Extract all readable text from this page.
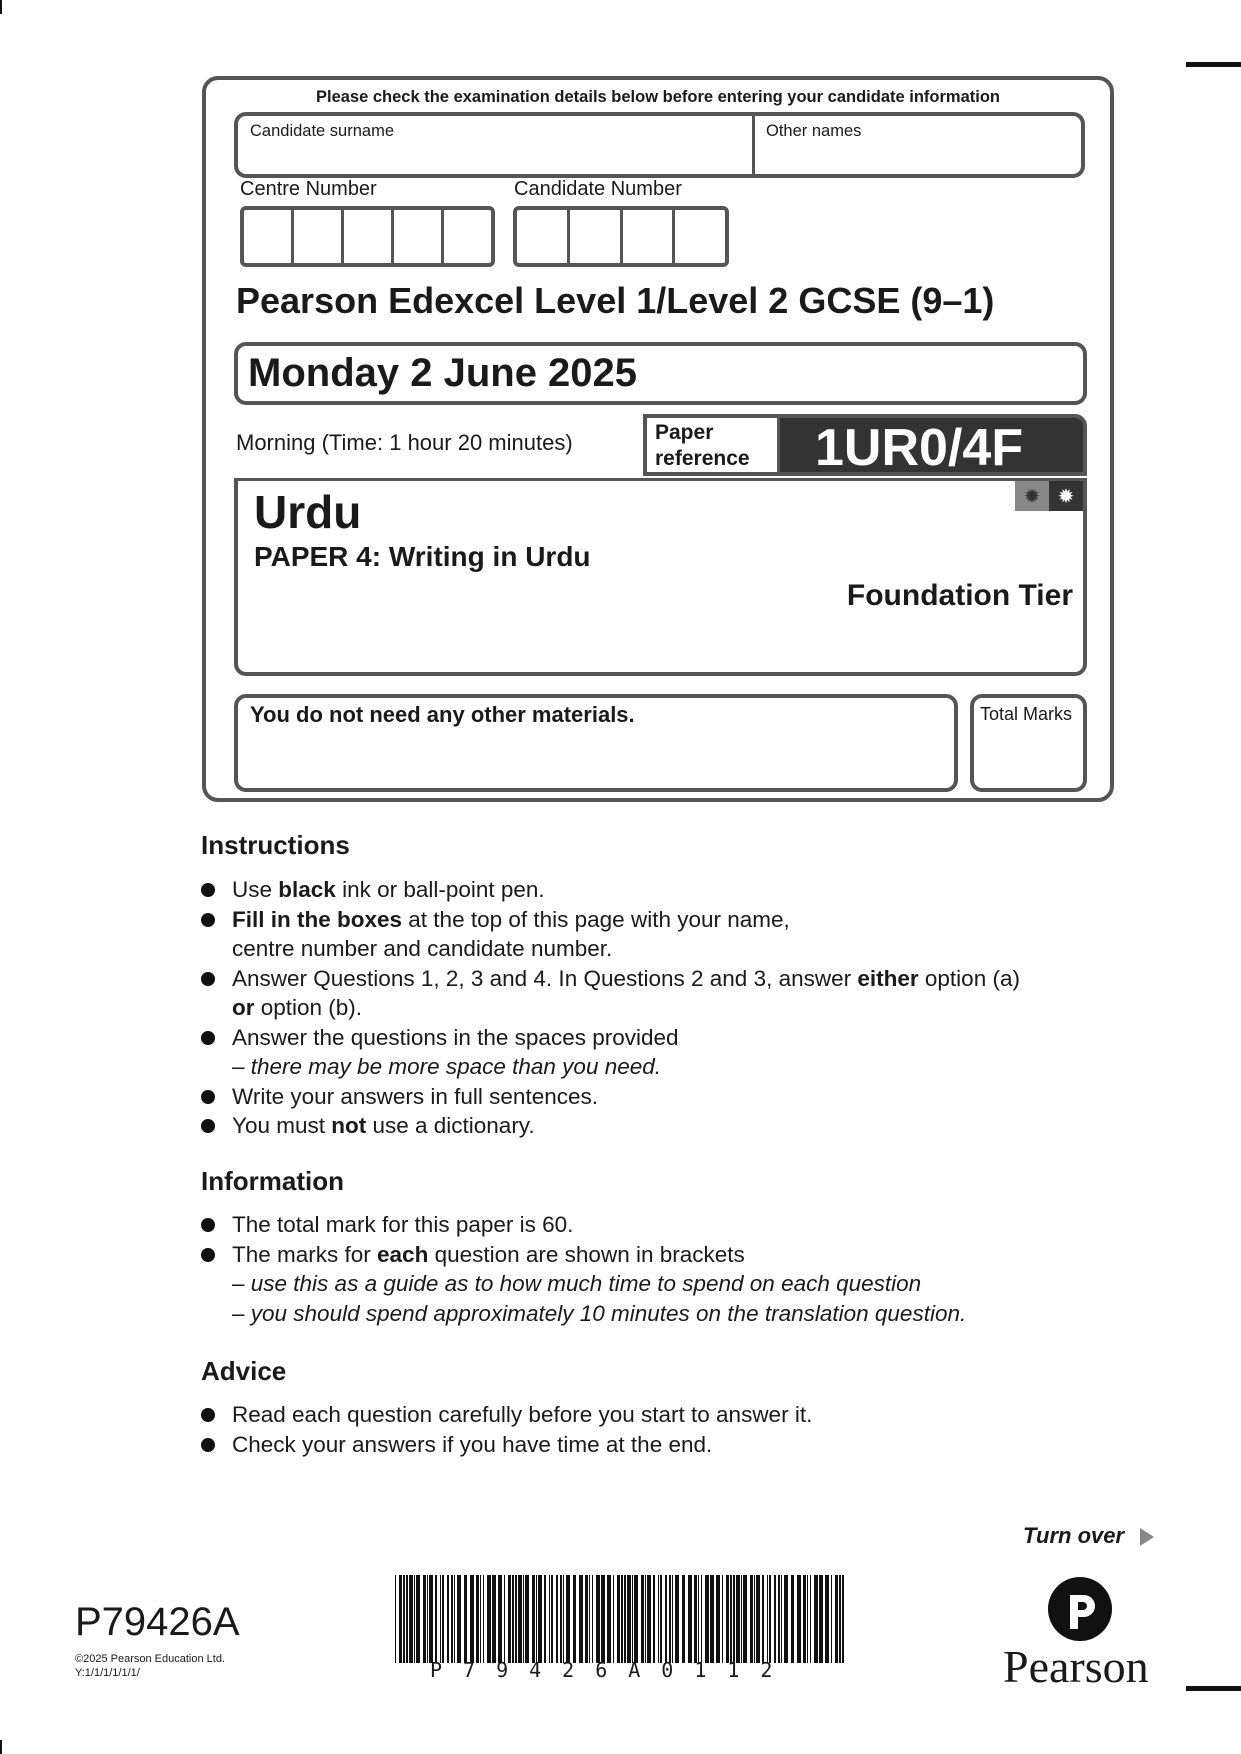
Please check the examination details below before entering your candidate information
Candidate surname	Other names
Centre Number	Candidate Number
Pearson Edexcel Level 1/Level 2 GCSE (9–1)
Monday 2 June 2025
Morning (Time: 1 hour 20 minutes)	Paper
reference 1UR0/4F
✹ ✹
Urdu
PAPER 4: Writing in Urdu
Foundation Tier
You do not need any other materials.	Total Marks
Instructions
Use black ink or ball-point pen.
Fill in the boxes at the top of this page with your name,
centre number and candidate number.
Answer Questions 1, 2, 3 and 4. In Questions 2 and 3, answer either option (a)
or option (b).
Answer the questions in the spaces provided
– there may be more space than you need.
Write your answers in full sentences.
You must not use a dictionary.
Information
The total mark for this paper is 60.
The marks for each question are shown in brackets
– use this as a guide as to how much time to spend on each question
– you should spend approximately 10 minutes on the translation question.
Advice
Read each question carefully before you start to answer it.
Check your answers if you have time at the end.
Turn over
P79426A
©2025 Pearson Education Ltd.
Y:1/1/1/1/1/1/	P79426A0112	Pearson
